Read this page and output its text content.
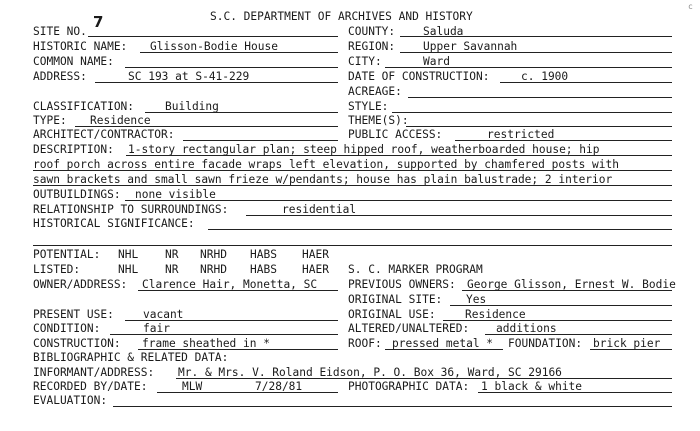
S.C. DEPARTMENT OF ARCHIVES AND HISTORY
c
SITE NO.
7
COUNTY: Saluda
HISTORIC NAME: Glisson-Bodie House	REGION: Upper Savannah
COMMON NAME:	CITY:	Ward
ADDRESS:	SC 193 at S-41-229	DATE OF CONSTRUCTION:	c. 1900
ACREAGE:
CLASSIFICATION:	Building	STYLE:
TYPE: Residence	THEME(S):
ARCHITECT/CONTRACTOR:	PUBLIC ACCESS:	restricted
DESCRIPTION: 1-story rectangular plan; steep hipped roof, weatherboarded house; hip
roof porch across entire facade wraps left elevation, supported by chamfered posts with
sawn brackets and small sawn frieze w/pendants; house has plain balustrade; 2 interior
OUTBUILDINGS: none visible
RELATIONSHIP TO SURROUNDINGS:	residential
HISTORICAL SIGNIFICANCE:
POTENTIAL: NHL NR NRHD HABS HAER
LISTED:	NHL NR NRHD HABS HAER S. C. MARKER PROGRAM
OWNER/ADDRESS: Clarence Hair, Monetta, SC	PREVIOUS OWNERS: George Glisson, Ernest W. Bodie
ORIGINAL SITE: Yes
PRESENT USE:	vacant	ORIGINAL USE:	Residence
CONDITION:	fair	ALTERED/UNALTERED: additions
CONSTRUCTION: frame sheathed in *	ROOF: pressed metal * FOUNDATION: brick pier
BIBLIOGRAPHIC & RELATED DATA:
INFORMANT/ADDRESS: Mr. & Mrs. V. Roland Eidson, P. O. Box 36, Ward, SC 29166
RECORDED BY/DATE:	MLW	7/28/81	PHOTOGRAPHIC DATA: 1 black & white
EVALUATION:
